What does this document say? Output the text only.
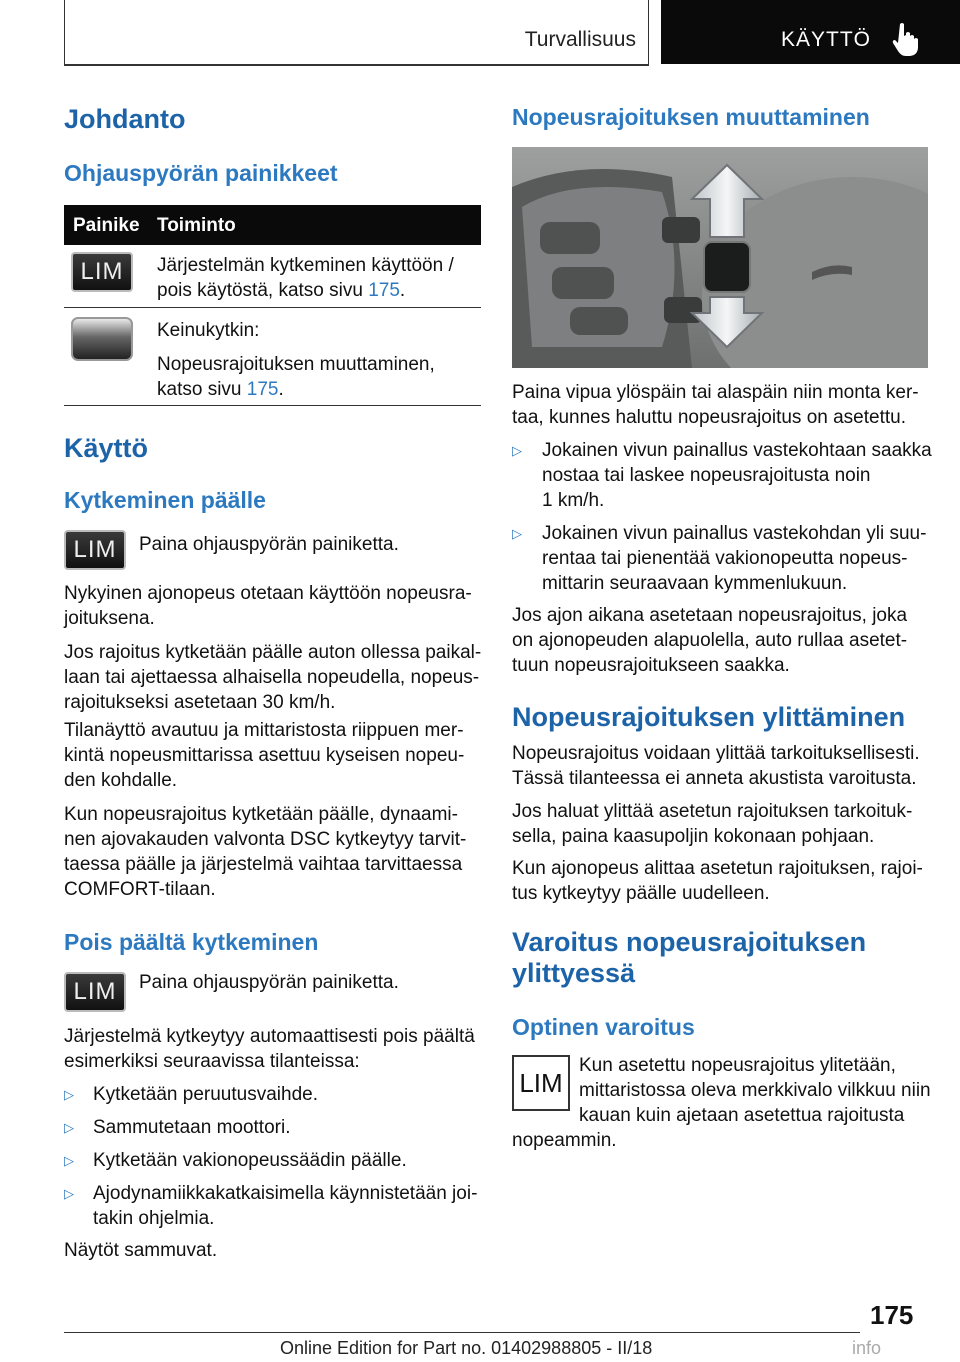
Turvallisuus	KÄYTTÖ
Johdanto
Ohjauspyörän painikkeet
Painike Toiminto
LIM	Järjestelmän kytkeminen käyttöön /
pois käytöstä, katso sivu 175.
Keinukytkin:
Nopeusrajoituksen muuttaminen,
katso sivu 175.
Käyttö
Kytkeminen päälle
LIM	Paina ohjauspyörän painiketta.
Nykyinen ajonopeus otetaan käyttöön nopeusra-
joituksena.
Jos rajoitus kytketään päälle auton ollessa paikal-
laan tai ajettaessa alhaisella nopeudella, nopeus-
rajoitukseksi asetetaan 30 km/h.
Tilanäyttö avautuu ja mittaristosta riippuen mer-
kintä nopeusmittarissa asettuu kyseisen nopeu-
den kohdalle.
Kun nopeusrajoitus kytketään päälle, dynaami-
nen ajovakauden valvonta DSC kytkeytyy tarvit-
taessa päälle ja järjestelmä vaihtaa tarvittaessa
COMFORT-tilaan.
Pois päältä kytkeminen
LIM	Paina ohjauspyörän painiketta.
Järjestelmä kytkeytyy automaattisesti pois päältä
esimerkiksi seuraavissa tilanteissa:
▷ Kytketään peruutusvaihde.
▷ Sammutetaan moottori.
▷ Kytketään vakionopeussäädin päälle.
▷ Ajodynamiikkakatkaisimella käynnistetään joi-
takin ohjelmia.
Näytöt sammuvat.
Nopeusrajoituksen muuttaminen
Paina vipua ylöspäin tai alaspäin niin monta ker-
taa, kunnes haluttu nopeusrajoitus on asetettu.
▷ Jokainen vivun painallus vastekohtaan saakka
nostaa tai laskee nopeusrajoitusta noin
1 km/h.
▷ Jokainen vivun painallus vastekohdan yli suu-
rentaa tai pienentää vakionopeutta nopeus-
mittarin seuraavaan kymmenlukuun.
Jos ajon aikana asetetaan nopeusrajoitus, joka
on ajonopeuden alapuolella, auto rullaa asetet-
tuun nopeusrajoitukseen saakka.
Nopeusrajoituksen ylittäminen
Nopeusrajoitus voidaan ylittää tarkoituksellisesti.
Tässä tilanteessa ei anneta akustista varoitusta.
Jos haluat ylittää asetetun rajoituksen tarkoituk-
sella, paina kaasupoljin kokonaan pohjaan.
Kun ajonopeus alittaa asetetun rajoituksen, rajoi-
tus kytkeytyy päälle uudelleen.
Varoitus nopeusrajoituksen
ylittyessä
Optinen varoitus
LIM
Kun asetettu nopeusrajoitus ylitetään,
mittaristossa oleva merkkivalo vilkkuu niin
kauan kuin ajetaan asetettua rajoitusta
nopeammin.
175
Online Edition for Part no. 01402988805 - II/18	info
